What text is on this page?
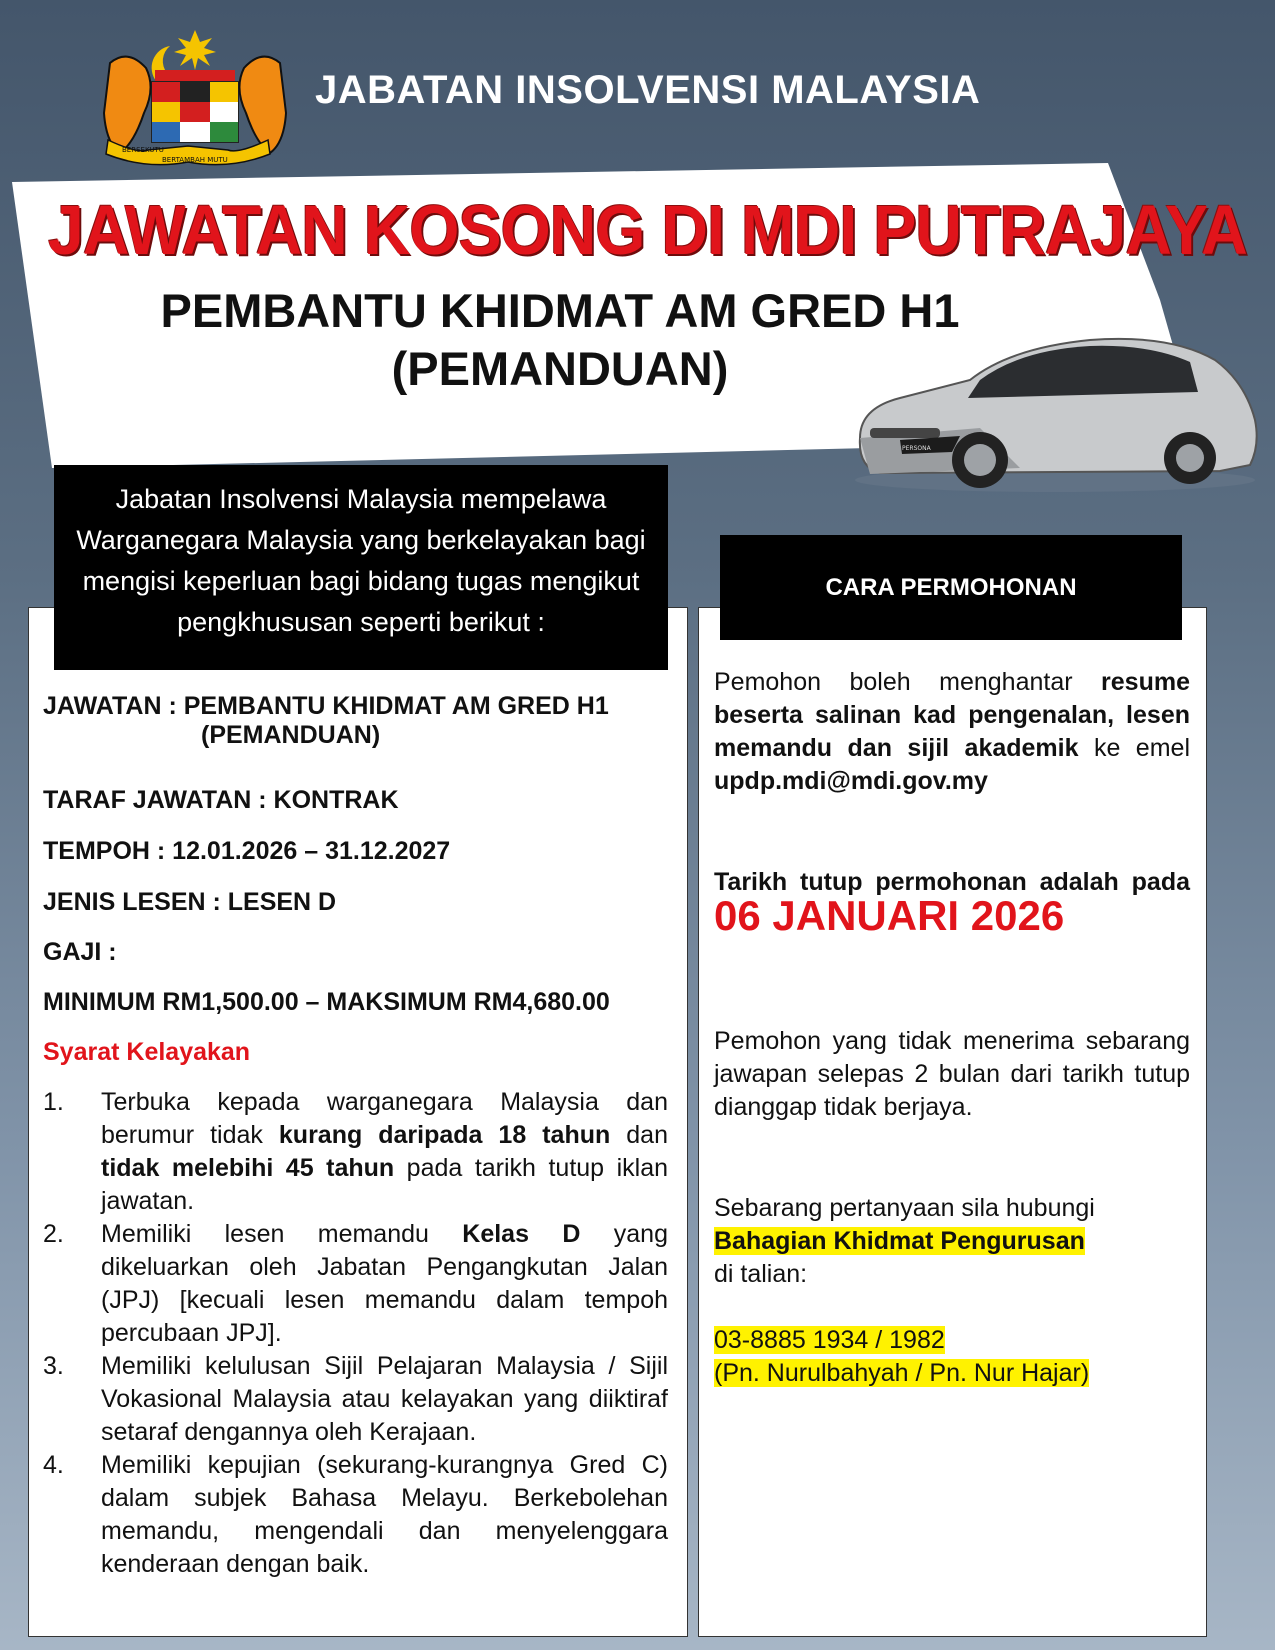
BERSEKUTU
BERTAMBAH MUTU
JABATAN INSOLVENSI MALAYSIA
JAWATAN KOSONG DI MDI PUTRAJAYA
PEMBANTU KHIDMAT AM GRED H1
(PEMANDUAN)
PERSONA
Jabatan Insolvensi Malaysia mempelawa Warganegara Malaysia yang berkelayakan bagi mengisi keperluan bagi bidang tugas mengikut pengkhususan seperti berikut :
JAWATAN : PEMBANTU KHIDMAT AM GRED H1
(PEMANDUAN)
TARAF JAWATAN : KONTRAK
TEMPOH : 12.01.2026 – 31.12.2027
JENIS LESEN : LESEN D
GAJI :
MINIMUM RM1,500.00 – MAKSIMUM RM4,680.00
Syarat Kelayakan
1. Terbuka kepada warganegara Malaysia dan berumur tidak kurang daripada 18 tahun dan tidak melebihi 45 tahun pada tarikh tutup iklan jawatan.
2. Memiliki lesen memandu Kelas D yang dikeluarkan oleh Jabatan Pengangkutan Jalan (JPJ) [kecuali lesen memandu dalam tempoh percubaan JPJ].
3. Memiliki kelulusan Sijil Pelajaran Malaysia / Sijil Vokasional Malaysia atau kelayakan yang diiktiraf setaraf dengannya oleh Kerajaan.
4. Memiliki kepujian (sekurang-kurangnya Gred C) dalam subjek Bahasa Melayu. Berkebolehan memandu, mengendali dan menyelenggara kenderaan dengan baik.
CARA PERMOHONAN
Pemohon boleh menghantar resume beserta salinan kad pengenalan, lesen memandu dan sijil akademik ke emel updp.mdi@mdi.gov.my
Tarikh tutup permohonan adalah pada 06 JANUARI 2026
Pemohon yang tidak menerima sebarang jawapan selepas 2 bulan dari tarikh tutup dianggap tidak berjaya.
Sebarang pertanyaan sila hubungi
Bahagian Khidmat Pengurusan
di talian:
03-8885 1934 / 1982
(Pn. Nurulbahyah / Pn. Nur Hajar)
